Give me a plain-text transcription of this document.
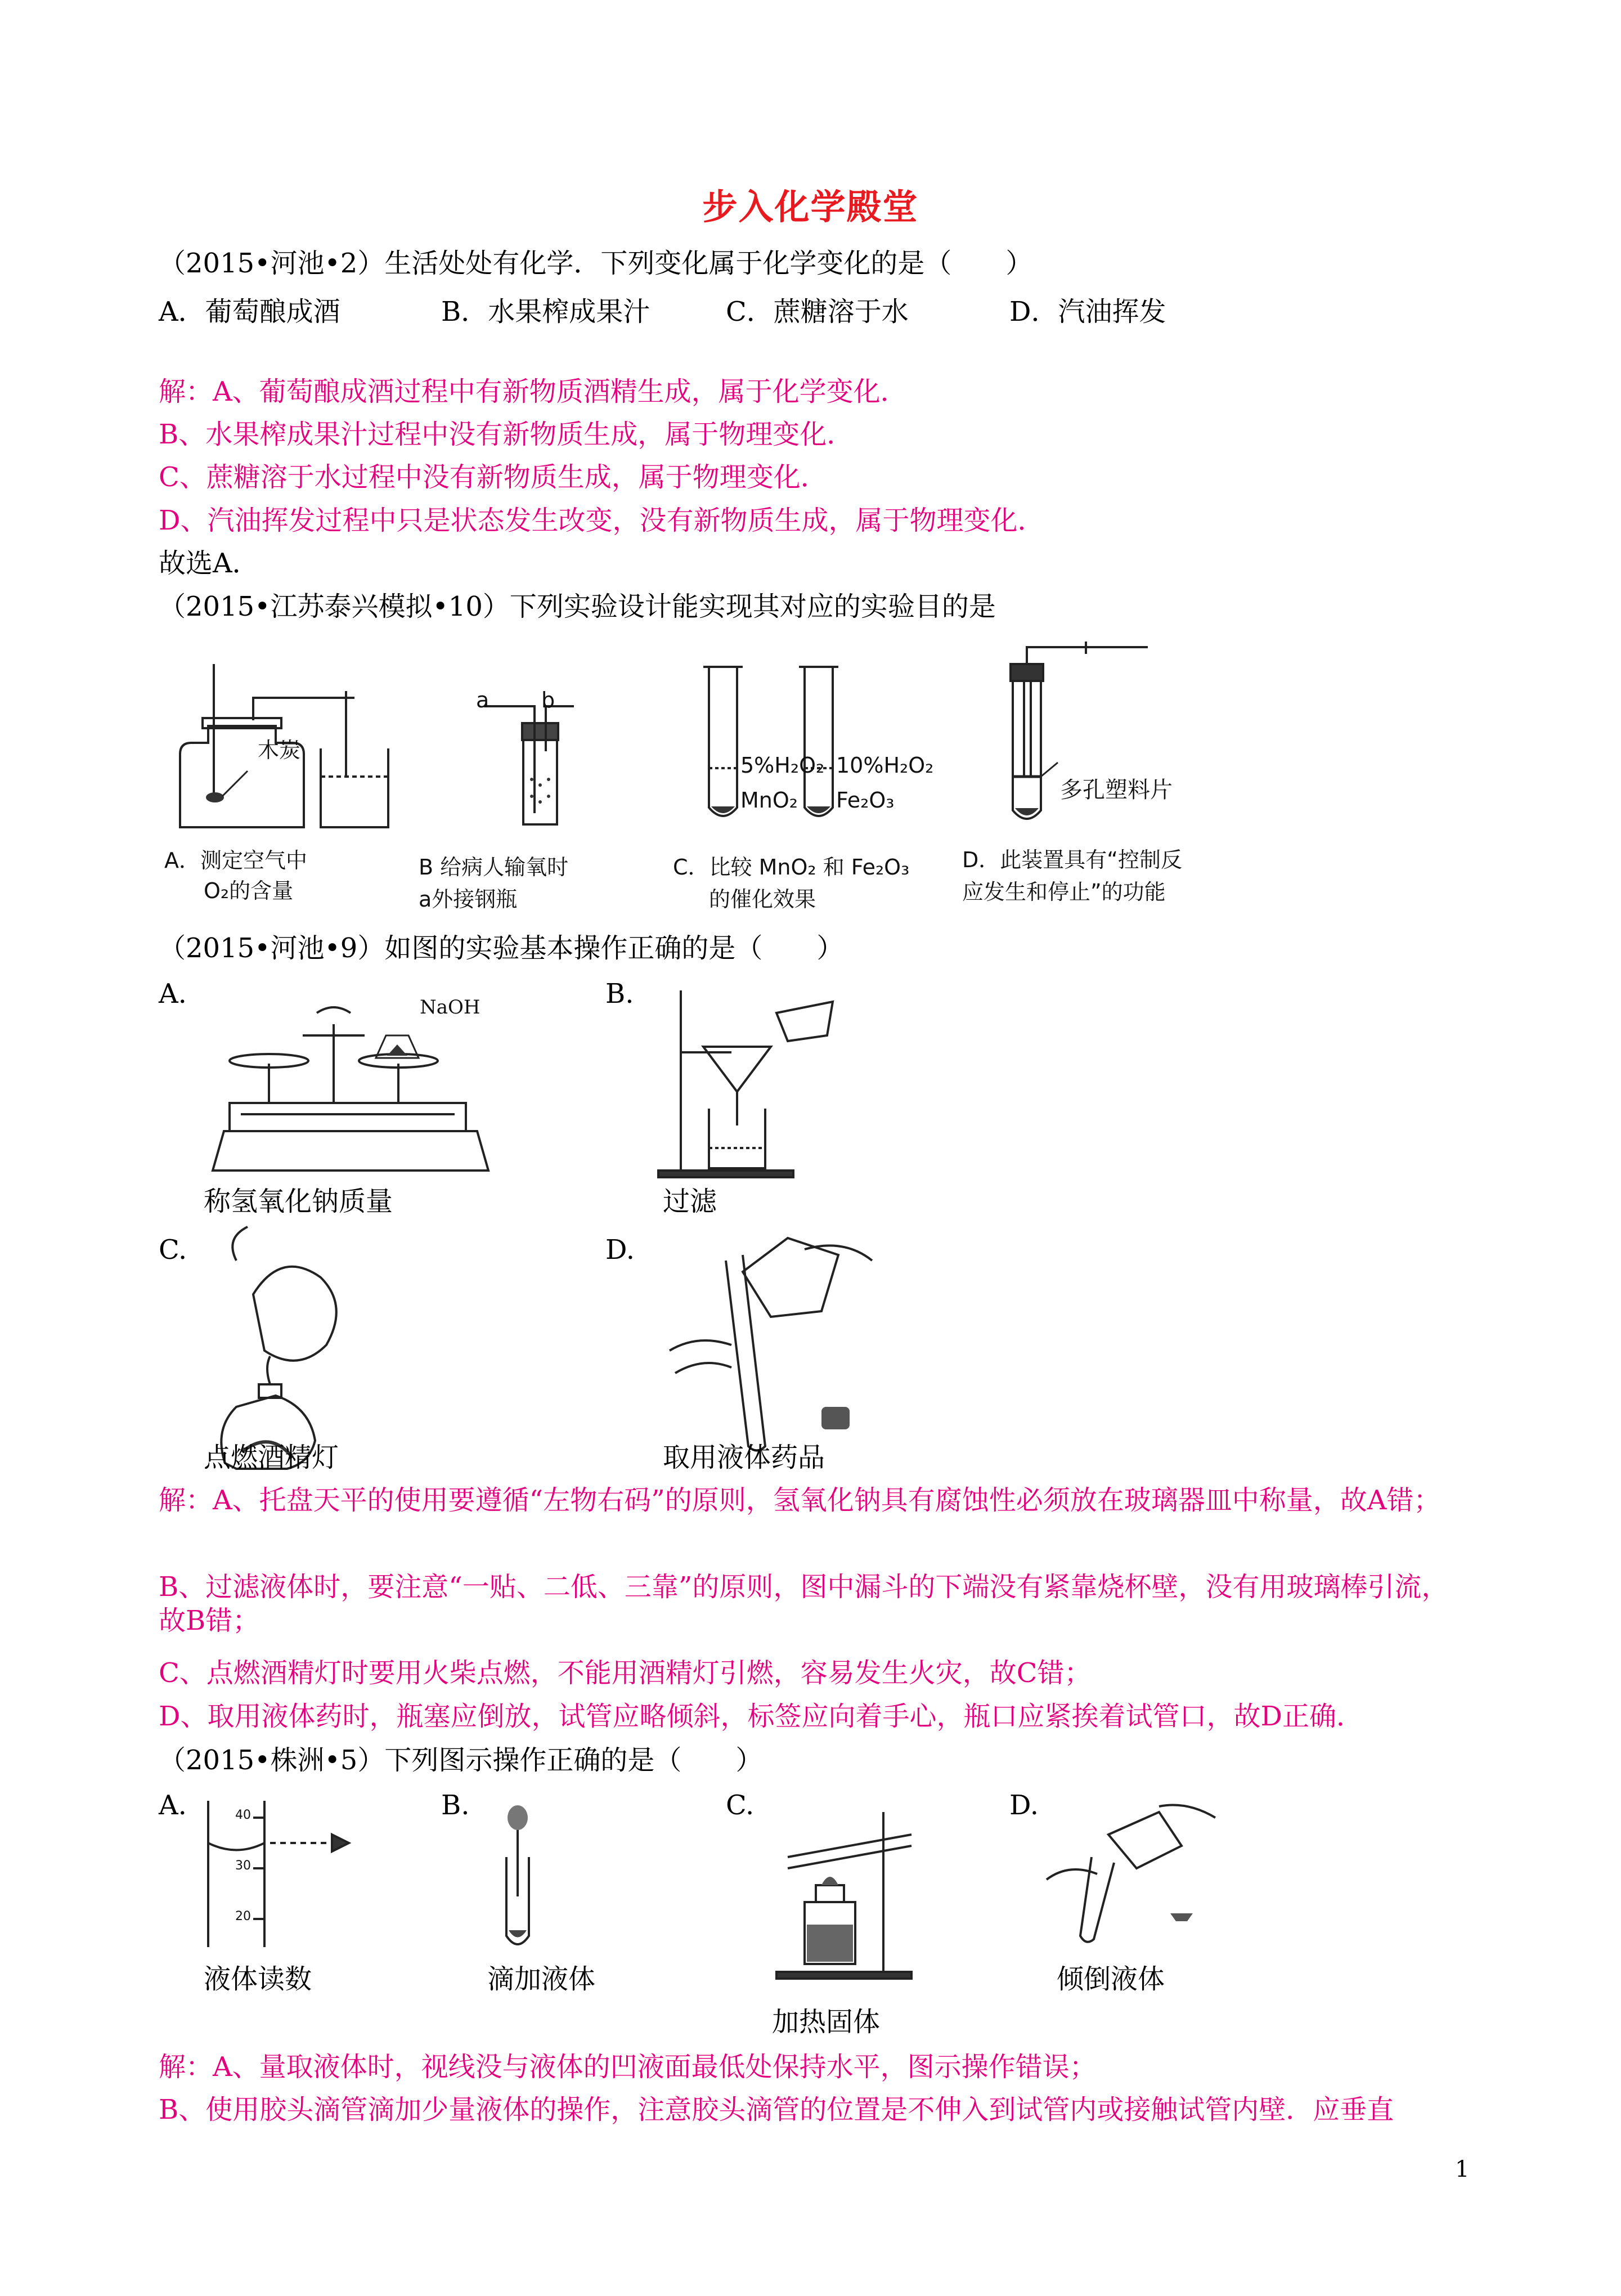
步入化学殿堂
（2015•河池•2）生活处处有化学．下列变化属于化学变化的是（　　）
A．葡萄酿成酒	B．水果榨成果汁	C．蔗糖溶于水	D．汽油挥发
解：A、葡萄酿成酒过程中有新物质酒精生成，属于化学变化．
B、水果榨成果汁过程中没有新物质生成，属于物理变化．
C、蔗糖溶于水过程中没有新物质生成，属于物理变化．
D、汽油挥发过程中只是状态发生改变，没有新物质生成，属于物理变化．
故选A．
（2015•江苏泰兴模拟•10）下列实验设计能实现其对应的实验目的是
木炭
A．测定空气中
O₂的含量
a b
B 给病人输氧时
a外接钢瓶
5%H₂O₂
MnO₂
10%H₂O₂
Fe₂O₃
C．比较 MnO₂ 和 Fe₂O₃
的催化效果
多孔塑料片
D．此装置具有“控制反
应发生和停止”的功能
（2015•河池•9）如图的实验基本操作正确的是（　　）
A.	B.
NaOH
称氢氧化钠质量	过滤
C.	D.
点燃酒精灯	取用液体药品
解：A、托盘天平的使用要遵循“左物右码”的原则，氢氧化钠具有腐蚀性必须放在玻璃器皿中称量，故A错；
B、过滤液体时，要注意“一贴、二低、三靠”的原则，图中漏斗的下端没有紧靠烧杯壁，没有用玻璃棒引流，故B错；
C、点燃酒精灯时要用火柴点燃，不能用酒精灯引燃，容易发生火灾，故C错；
D、取用液体药时，瓶塞应倒放，试管应略倾斜，标签应向着手心，瓶口应紧挨着试管口，故D正确．
（2015•株洲•5）下列图示操作正确的是（　　）
A.	B.	C.	D.
40
30
20
液体读数	滴加液体
加热固体
倾倒液体
解：A、量取液体时，视线没与液体的凹液面最低处保持水平，图示操作错误；
B、使用胶头滴管滴加少量液体的操作，注意胶头滴管的位置是不伸入到试管内或接触试管内壁．应垂直
1
